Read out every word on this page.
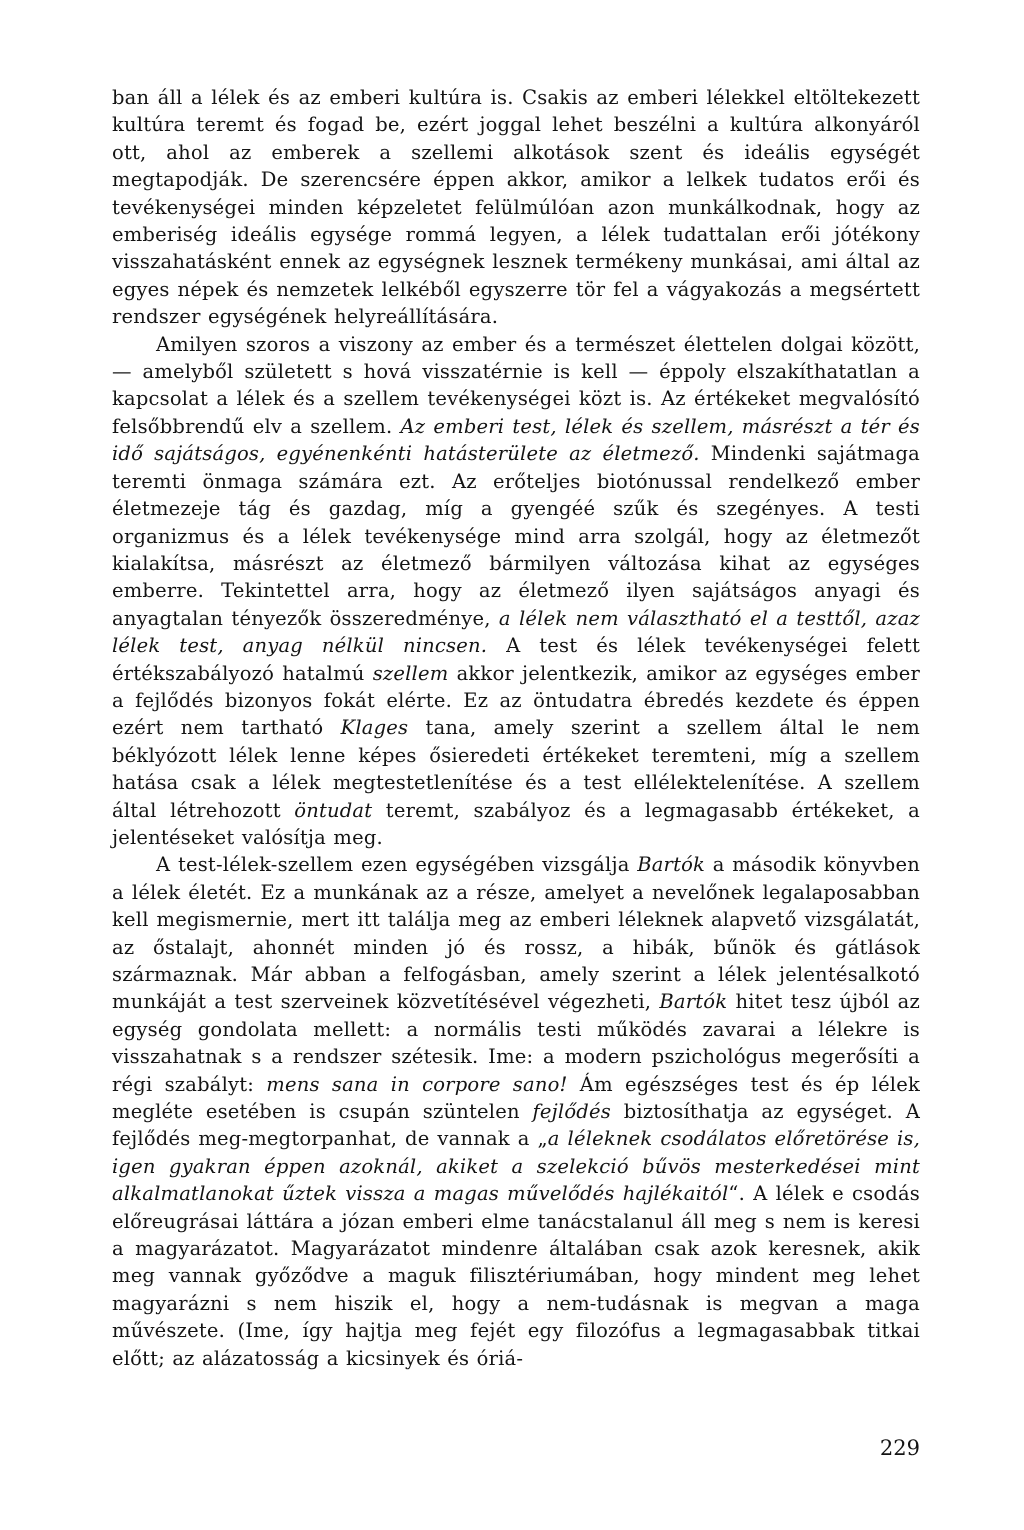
ban áll a lélek és az emberi kultúra is. Csakis az emberi lélekkel eltöltekezett kultúra teremt és fogad be, ezért joggal lehet beszélni a kultúra alkonyáról ott, ahol az emberek a szellemi alkotások szent és ideális egységét megtapodják. De szerencsére éppen akkor, amikor a lelkek tudatos erői és tevékenységei minden képzeletet felülmúlóan azon munkálkodnak, hogy az emberiség ideális egysége rommá legyen, a lélek tudattalan erői jótékony visszahatásként ennek az egységnek lesznek termékeny munkásai, ami által az egyes népek és nemzetek lelkéből egyszerre tör fel a vágyakozás a megsértett rendszer egységének helyreállítására.

Amilyen szoros a viszony az ember és a természet élettelen dolgai között, — amelyből született s hová visszatérnie is kell — éppoly elszakíthatatlan a kapcsolat a lélek és a szellem tevékenységei közt is. Az értékeket megvalósító felsőbbrendű elv a szellem. Az emberi test, lélek és szellem, másrészt a tér és idő sajátságos, egyénenkénti hatásterülete az életmező. Mindenki sajátmaga teremti önmaga számára ezt. Az erőteljes biotónussal rendelkező ember életmezeje tág és gazdag, míg a gyengéé szűk és szegényes. A testi organizmus és a lélek tevékenysége mind arra szolgál, hogy az életmezőt kialakítsa, másrészt az életmező bármilyen változása kihat az egységes emberre. Tekintettel arra, hogy az életmező ilyen sajátságos anyagi és anyagtalan tényezők összeredménye, a lélek nem választható el a testtől, azaz lélek test, anyag nélkül nincsen. A test és lélek tevékenységei felett értékszabályozó hatalmú szellem akkor jelentkezik, amikor az egységes ember a fejlődés bizonyos fokát elérte. Ez az öntudatra ébredés kezdete és éppen ezért nem tartható Klages tana, amely szerint a szellem által le nem béklyózott lélek lenne képes ősieredeti értékeket teremteni, míg a szellem hatása csak a lélek megtestetlenítése és a test ellélektelenítése. A szellem által létrehozott öntudat teremt, szabályoz és a legmagasabb értékeket, a jelentéseket valósítja meg.

A test-lélek-szellem ezen egységében vizsgálja Bartók a második könyvben a lélek életét. Ez a munkának az a része, amelyet a nevelőnek legalaposabban kell megismernie, mert itt találja meg az emberi léleknek alapvető vizsgálatát, az őstalajt, ahonnét minden jó és rossz, a hibák, bűnök és gátlások származnak. Már abban a felfogásban, amely szerint a lélek jelentésalkotó munkáját a test szerveinek közvetítésével végezheti, Bartók hitet tesz újból az egység gondolata mellett: a normális testi működés zavarai a lélekre is visszahatnak s a rendszer szétesik. Ime: a modern pszichológus megerősíti a régi szabályt: mens sana in corpore sano! Ám egészséges test és ép lélek megléte esetében is csupán szüntelen fejlődés biztosíthatja az egységet. A fejlődés meg-megtorpanhat, de vannak a „a léleknek csodálatos előretörése is, igen gyakran éppen azoknál, akiket a szelekció bűvös mesterkedései mint alkalmatlanokat űztek vissza a magas művelődés hajlékaitól“. A lélek e csodás előreugrásai láttára a józan emberi elme tanácstalanul áll meg s nem is keresi a magyarázatot. Magyarázatot mindenre általában csak azok keresnek, akik meg vannak győződve a maguk filisztériumában, hogy mindent meg lehet magyarázni s nem hiszik el, hogy a nem-tudásnak is megvan a maga művészete. (Ime, így hajtja meg fejét egy filozófus a legmagasabbak titkai előtt; az alázatosság a kicsinyek és óriá-

229
